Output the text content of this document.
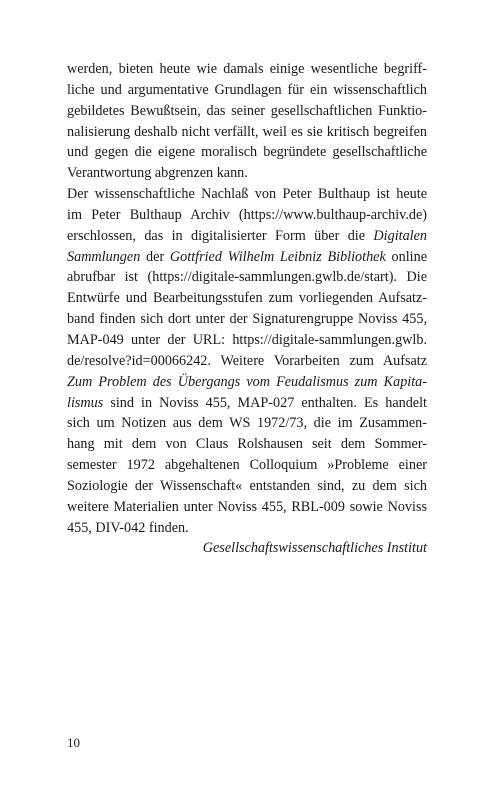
werden, bieten heute wie damals einige wesentliche begriff-
liche und argumentative Grundlagen für ein wissenschaftlich
gebildetes Bewußtsein, das seiner gesellschaftlichen Funktio-
nalisierung deshalb nicht verfällt, weil es sie kritisch begreifen
und gegen die eigene moralisch begründete gesellschaftliche
Verantwortung abgrenzen kann.
Der wissenschaftliche Nachlaß von Peter Bulthaup ist heute
im Peter Bulthaup Archiv (https://www.bulthaup-archiv.de)
erschlossen, das in digitalisierter Form über die Digitalen
Sammlungen der Gottfried Wilhelm Leibniz Bibliothek online
abrufbar ist (https://digitale-sammlungen.gwlb.de/start). Die
Entwürfe und Bearbeitungsstufen zum vorliegenden Aufsatz-
band finden sich dort unter der Signaturengruppe Noviss 455,
MAP-049 unter der URL: https://digitale-sammlungen.gwlb.
de/resolve?id=00066242. Weitere Vorarbeiten zum Aufsatz
Zum Problem des Übergangs vom Feudalismus zum Kapita-
lismus sind in Noviss 455, MAP-027 enthalten. Es handelt
sich um Notizen aus dem WS 1972/73, die im Zusammen-
hang mit dem von Claus Rolshausen seit dem Sommer-
semester 1972 abgehaltenen Colloquium »Probleme einer
Soziologie der Wissenschaft« entstanden sind, zu dem sich
weitere Materialien unter Noviss 455, RBL-009 sowie Noviss
455, DIV-042 finden.
Gesellschaftswissenschaftliches Institut
10
